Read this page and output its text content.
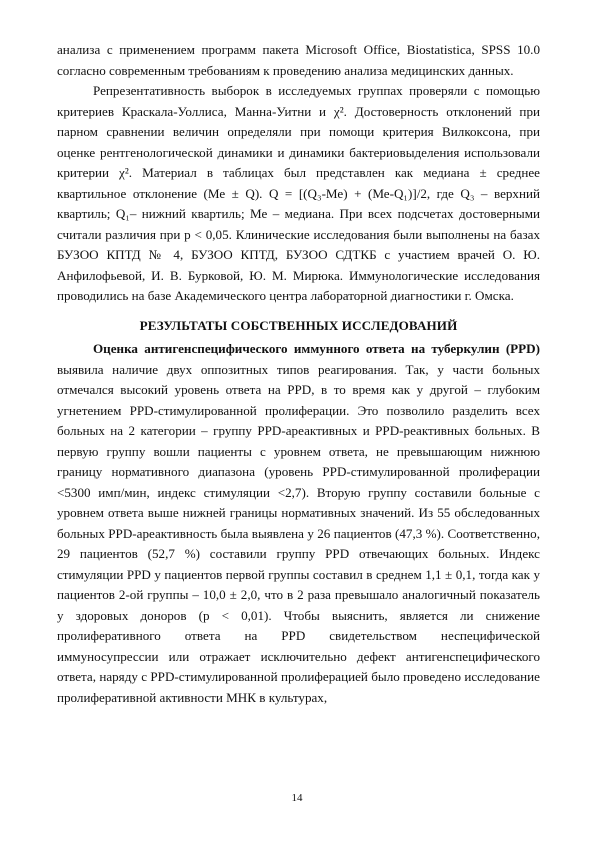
анализа с применением программ пакета Microsoft Office, Biostatistica, SPSS 10.0 согласно современным требованиям к проведению анализа медицинских данных.

Репрезентативность выборок в исследуемых группах проверяли с помощью критериев Краскала-Уоллиса, Манна-Уитни и χ². Достоверность отклонений при парном сравнении величин определяли при помощи критерия Вилкоксона, при оценке рентгенологической динамики и динамики бактериовыделения использовали критерии χ². Материал в таблицах был представлен как медиана ± среднее квартильное отклонение (Ме ± Q). Q = [(Q₃-Ме) + (Ме-Q₁)]/2, где Q₃ – верхний квартиль; Q₁– нижний квартиль; Ме – медиана. При всех подсчетах достоверными считали различия при p < 0,05. Клинические исследования были выполнены на базах БУЗОО КПТД № 4, БУЗОО КПТД, БУЗОО СДТКБ с участием врачей О. Ю. Анфилофьевой, И. В. Бурковой, Ю. М. Мирюка. Иммунологические исследования проводились на базе Академического центра лабораторной диагностики г. Омска.

РЕЗУЛЬТАТЫ СОБСТВЕННЫХ ИССЛЕДОВАНИЙ

Оценка антигенспецифического иммунного ответа на туберкулин (PPD) выявила наличие двух оппозитных типов реагирования. Так, у части больных отмечался высокий уровень ответа на PPD, в то время как у другой – глубоким угнетением PPD-стимулированной пролиферации. Это позволило разделить всех больных на 2 категории – группу PPD-ареактивных и PPD-реактивных больных. В первую группу вошли пациенты с уровнем ответа, не превышающим нижнюю границу нормативного диапазона (уровень PPD-стимулированной пролиферации <5300 имп/мин, индекс стимуляции <2,7). Вторую группу составили больные с уровнем ответа выше нижней границы нормативных значений. Из 55 обследованных больных PPD-ареактивность была выявлена у 26 пациентов (47,3 %). Соответственно, 29 пациентов (52,7 %) составили группу PPD отвечающих больных. Индекс стимуляции PPD у пациентов первой группы составил в среднем 1,1 ± 0,1, тогда как у пациентов 2-ой группы – 10,0 ± 2,0, что в 2 раза превышало аналогичный показатель у здоровых доноров (p < 0,01). Чтобы выяснить, является ли снижение пролиферативного ответа на PPD свидетельством неспецифической иммуносупрессии или отражает исключительно дефект антигенспецифического ответа, наряду с PPD-стимулированной пролиферацией было проведено исследование пролиферативной активности МНК в культурах,

14
